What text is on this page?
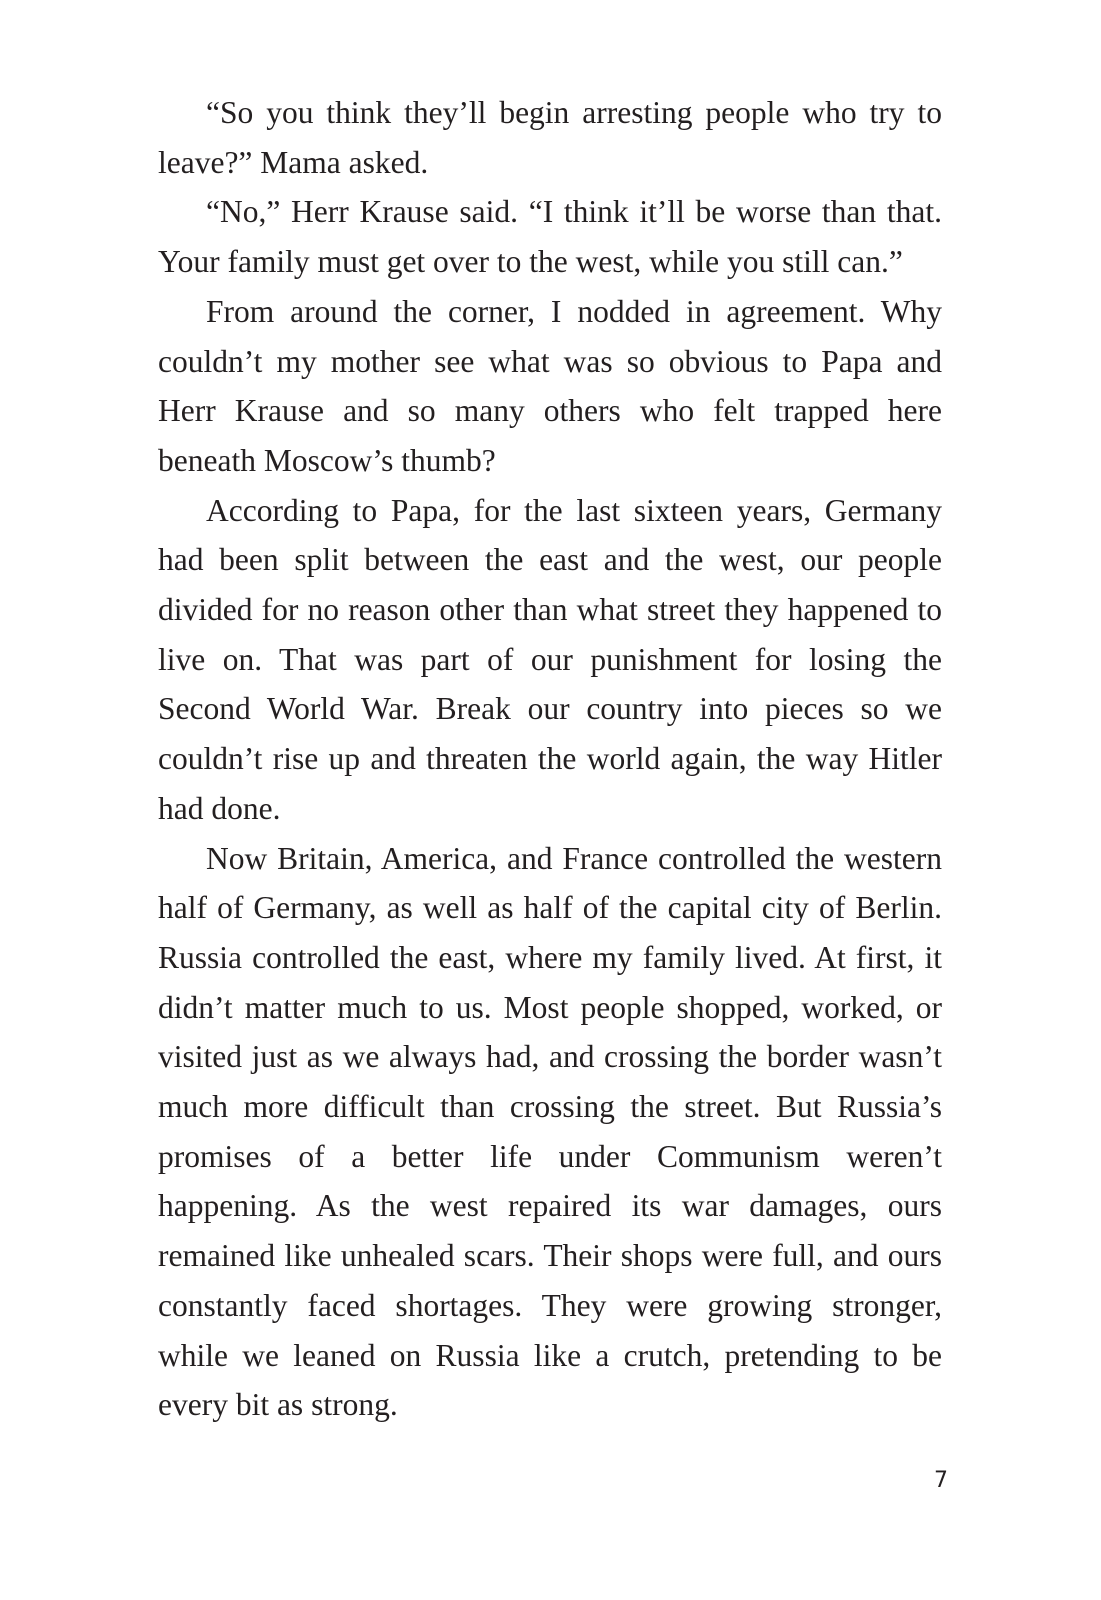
“So you think they’ll begin arresting people who try to leave?” Mama asked.

“No,” Herr Krause said. “I think it’ll be worse than that. Your family must get over to the west, while you still can.”

From around the corner, I nodded in agreement. Why couldn’t my mother see what was so obvious to Papa and Herr Krause and so many others who felt trapped here beneath Moscow’s thumb?

According to Papa, for the last sixteen years, Germany had been split between the east and the west, our people divided for no reason other than what street they happened to live on. That was part of our punishment for losing the Second World War. Break our country into pieces so we couldn’t rise up and threaten the world again, the way Hitler had done.

Now Britain, America, and France controlled the western half of Germany, as well as half of the capital city of Berlin. Russia controlled the east, where my family lived. At first, it didn’t matter much to us. Most people shopped, worked, or visited just as we always had, and crossing the border wasn’t much more difficult than crossing the street. But Russia’s promises of a better life under Communism weren’t happening. As the west repaired its war damages, ours remained like unhealed scars. Their shops were full, and ours constantly faced shortages. They were growing stronger, while we leaned on Russia like a crutch, pretending to be every bit as strong.

7
